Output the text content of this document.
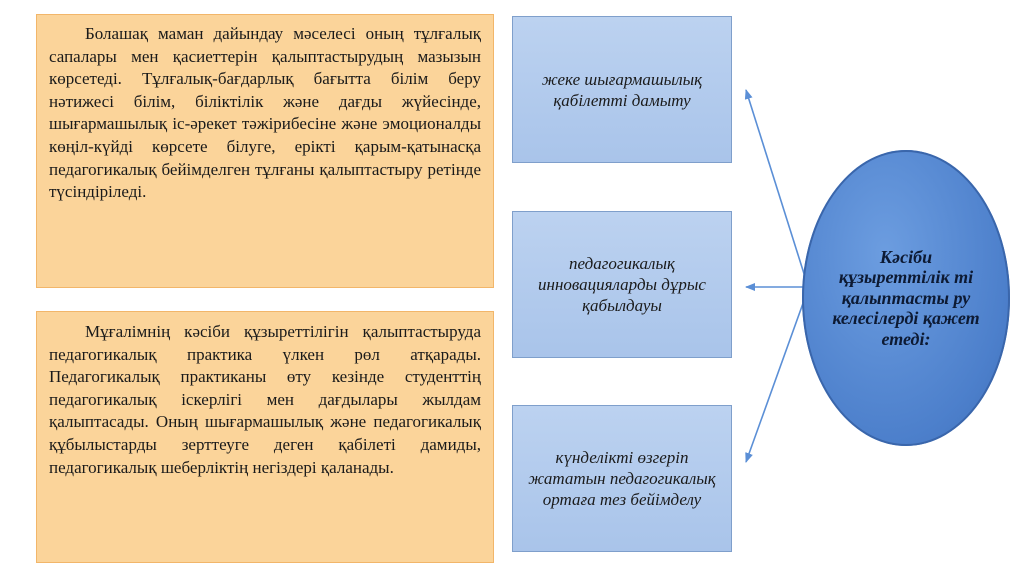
Болашақ маман дайындау мәселесі оның тұлғалық сапалары мен қасиеттерін қалыптастырудың мазызын көрсетеді. Тұлғалық-бағдарлық бағытта білім беру нәтижесі білім, біліктілік және дағды жүйесінде, шығармашылық іс-әрекет тәжірибесіне және эмоционалды көңіл-күйді көрсете білуге, ерікті қарым-қатынасқа педагогикалық бейімделген тұлғаны қалыптастыру ретінде түсіндіріледі.

Мұғалімнің кәсіби құзыреттілігін қалыптастыруда педагогикалық практика үлкен рөл атқарады. Педагогикалық практиканы өту кезінде студенттің педагогикалық іскерлігі мен дағдылары жылдам қалыптасады. Оның шығармашылық және педагогикалық құбылыстарды зерттеуге деген қабілеті дамиды, педагогикалық шеберліктің негіздері қаланады.

жеке шығармашылық қабілетті дамыту
педагогикалық инновацияларды дұрыс қабылдауы
күнделікті өзгеріп жататын педагогикалық ортаға тез бейімделу
Кәсіби құзыреттілік ті қалыптасты ру келесілерді қажет етеді:
